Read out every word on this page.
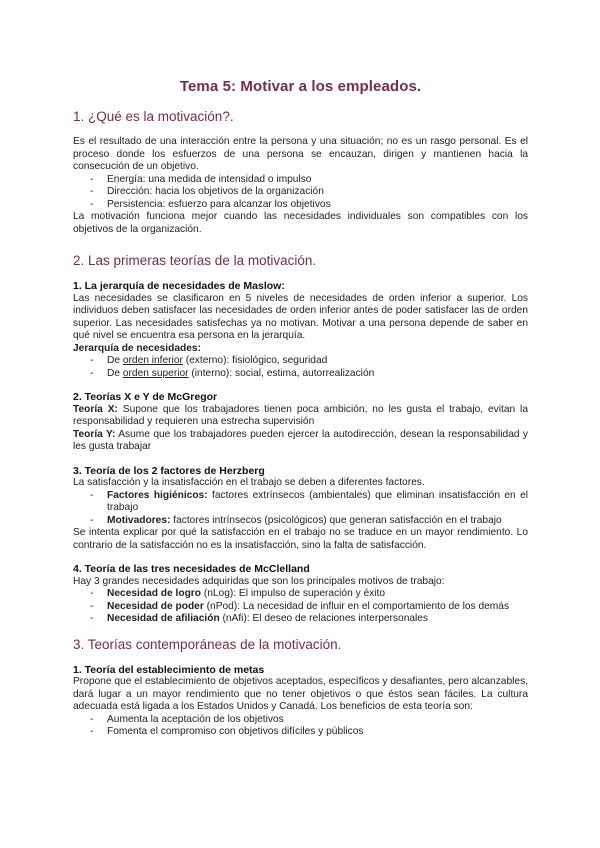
Tema 5: Motivar a los empleados.
1. ¿Qué es la motivación?.

Es el resultado de una interacción entre la persona y una situación; no es un rasgo personal. Es el proceso donde los esfuerzos de una persona se encauzan, dirigen y mantienen hacia la consecución de un objetivo.

- Energía: una medida de intensidad o impulso
- Dirección: hacia los objetivos de la organización
- Persistencia: esfuerzo para alcanzar los objetivos

La motivación funciona mejor cuando las necesidades individuales son compatibles con los objetivos de la organización.

2. Las primeras teorías de la motivación.
1. La jerarquía de necesidades de Maslow:

Las necesidades se clasificaron en 5 niveles de necesidades de orden inferior a superior. Los individuos deben satisfacer las necesidades de orden inferior antes de poder satisfacer las de orden superior. Las necesidades satisfechas ya no motivan. Motivar a una persona depende de saber en qué nivel se encuentra esa persona en la jerarquía.

Jerarquía de necesidades:

- De orden inferior (externo): fisiológico, seguridad
- De orden superior (interno): social, estima, autorrealización
2. Teorías X e Y de McGregor

Teoría X: Supone que los trabajadores tienen poca ambición, no les gusta el trabajo, evitan la responsabilidad y requieren una estrecha supervisión

Teoría Y: Asume que los trabajadores pueden ejercer la autodirección, desean la responsabilidad y les gusta trabajar

3. Teoría de los 2 factores de Herzberg

La satisfacción y la insatisfacción en el trabajo se deben a diferentes factores.

- Factores higiénicos: factores extrínsecos (ambientales) que eliminan insatisfacción en el trabajo
- Motivadores: factores intrínsecos (psicológicos) que generan satisfacción en el trabajo

Se intenta explicar por qué la satisfacción en el trabajo no se traduce en un mayor rendimiento. Lo contrario de la satisfacción no es la insatisfacción, sino la falta de satisfacción.

4. Teoría de las tres necesidades de McClelland

Hay 3 grandes necesidades adquiridas que son los principales motivos de trabajo:

- Necesidad de logro (nLog): El impulso de superación y éxito
- Necesidad de poder (nPod): La necesidad de influir en el comportamiento de los demás
- Necesidad de afiliación (nAfi): El deseo de relaciones interpersonales
3. Teorías contemporáneas de la motivación.
1. Teoría del establecimiento de metas

Propone que el establecimiento de objetivos aceptados, específicos y desafiantes, pero alcanzables, dará lugar a un mayor rendimiento que no tener objetivos o que éstos sean fáciles. La cultura adecuada está ligada a los Estados Unidos y Canadá. Los beneficios de esta teoría son:

- Aumenta la aceptación de los objetivos
- Fomenta el compromiso con objetivos difíciles y públicos
